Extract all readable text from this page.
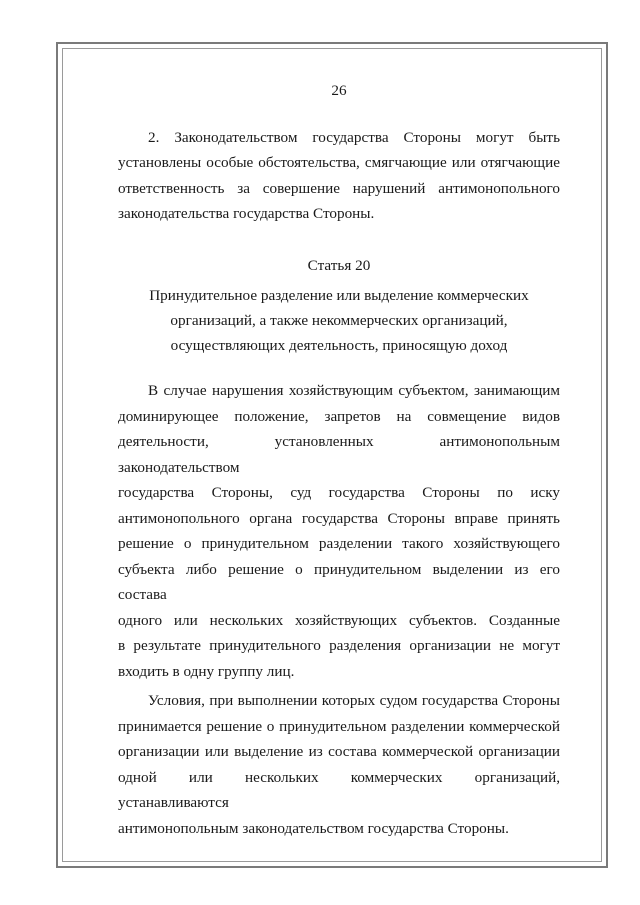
26
2. Законодательством государства Стороны могут быть
установлены особые обстоятельства, смягчающие или отягчающие
ответственность за совершение нарушений антимонопольного
законодательства государства Стороны.
Статья 20
Принудительное разделение или выделение коммерческих
организаций, а также некоммерческих организаций,
осуществляющих деятельность, приносящую доход
В случае нарушения хозяйствующим субъектом, занимающим
доминирующее положение, запретов на совмещение видов
деятельности, установленных антимонопольным законодательством
государства Стороны, суд государства Стороны по иску
антимонопольного органа государства Стороны вправе принять
решение о принудительном разделении такого хозяйствующего
субъекта либо решение о принудительном выделении из его состава
одного или нескольких хозяйствующих субъектов. Созданные
в результате принудительного разделения организации не могут
входить в одну группу лиц.
Условия, при выполнении которых судом государства Стороны
принимается решение о принудительном разделении коммерческой
организации или выделение из состава коммерческой организации
одной или нескольких коммерческих организаций, устанавливаются
антимонопольным законодательством государства Стороны.
